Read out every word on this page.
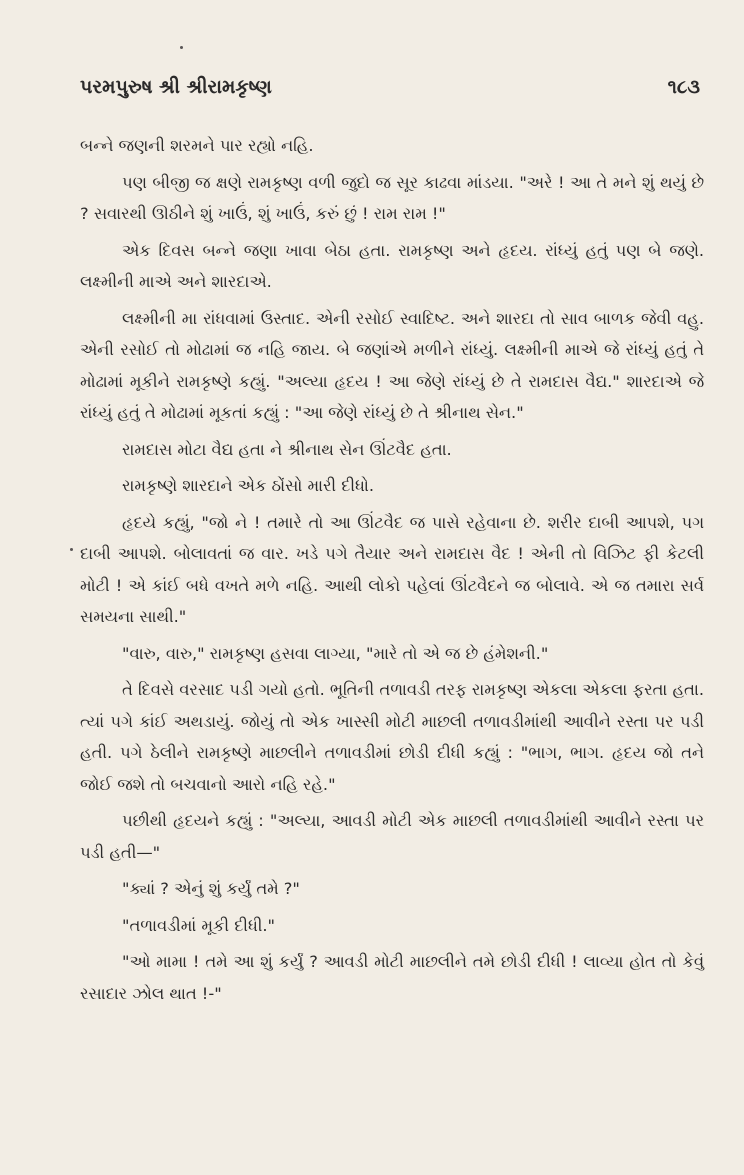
પરમપુરુષ શ્રી શ્રીરામકૃષ્ણ	૧૮૩

બન્ને જણની શરમને પાર રહ્યો નહિ.

પણ બીજી જ ક્ષણે રામકૃષ્ણ વળી જુદો જ સૂર કાઢવા માંડયા. "અરે ! આ તે મને શું થયું છે ? સવારથી ઊઠીને શું ખાઉં, શું ખાઉં, કરું છું ! રામ રામ !"

એક દિવસ બન્ને જણા ખાવા બેઠા હતા. રામકૃષ્ણ અને હૃદય. રાંધ્યું હતું પણ બે જણે. લક્ષ્મીની માએ અને શારદાએ.

લક્ષ્મીની મા રાંધવામાં ઉસ્તાદ. એની રસોઈ સ્વાદિષ્ટ. અને શારદા તો સાવ બાળક જેવી વહુ. એની રસોઈ તો મોઢામાં જ નહિ જાય. બે જણાંએ મળીને રાંધ્યું. લક્ષ્મીની માએ જે રાંધ્યું હતું તે મોઢામાં મૂકીને રામકૃષ્ણે કહ્યું. "અલ્યા હૃદય ! આ જેણે રાંધ્યું છે તે રામદાસ વૈદ્ય." શારદાએ જે રાંધ્યું હતું તે મોઢામાં મૂકતાં કહ્યું : "આ જેણે રાંધ્યું છે તે શ્રીનાથ સેન."

રામદાસ મોટા વૈદ્ય હતા ને શ્રીનાથ સેન ઊંટવૈદ હતા.

રામકૃષ્ણે શારદાને એક ઠોંસો મારી દીધો.

હૃદયે કહ્યું, "જો ને ! તમારે તો આ ઊંટવૈદ જ પાસે રહેવાના છે. શરીર દાબી આપશે, પગ દાબી આપશે. બોલાવતાં જ વાર. ખડે પગે તૈયાર અને રામદાસ વૈદ ! એની તો વિઝિટ ફી કેટલી મોટી ! એ કાંઈ બધે વખતે મળે નહિ. આથી લોકો પહેલાં ઊંટવૈદને જ બોલાવે. એ જ તમારા સર્વ સમયના સાથી."

"વારુ, વારુ," રામકૃષ્ણ હસવા લાગ્યા, "મારે તો એ જ છે હંમેશની."

તે દિવસે વરસાદ પડી ગયો હતો. ભૂતિની તળાવડી તરફ રામકૃષ્ણ એકલા એકલા ફરતા હતા. ત્યાં પગે કાંઈ અથડાયું. જોયું તો એક ખાસ્સી મોટી માછલી તળાવડીમાંથી આવીને રસ્તા પર પડી હતી. પગે ઠેલીને રામકૃષ્ણે માછલીને તળાવડીમાં છોડી દીધી કહ્યું : "ભાગ, ભાગ. હૃદય જો તને જોઈ જશે તો બચવાનો આરો નહિ રહે."

પછીથી હૃદયને કહ્યું : "અલ્યા, આવડી મોટી એક માછલી તળાવડીમાંથી આવીને રસ્તા પર પડી હતી—"

"ક્યાં ? એનું શું કર્યું તમે ?"

"તળાવડીમાં મૂકી દીધી."

"ઓ મામા ! તમે આ શું કર્યું ? આવડી મોટી માછલીને તમે છોડી દીધી ! લાવ્યા હોત તો કેવું રસાદાર ઝોલ થાત !-"
